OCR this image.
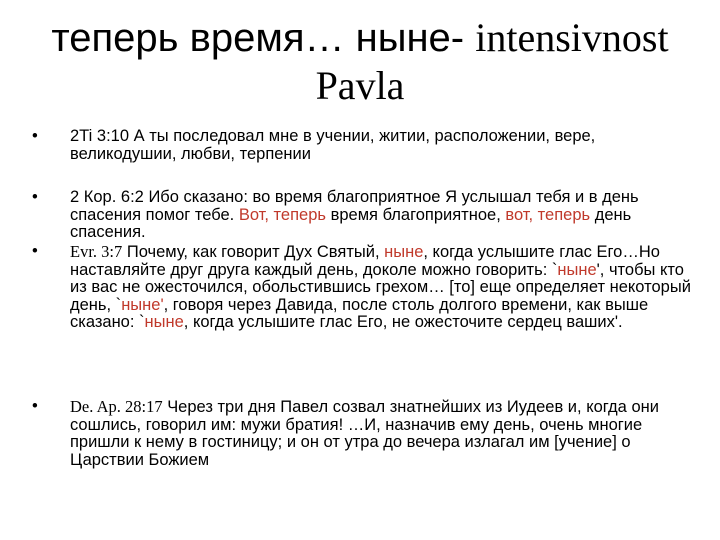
теперь время… ныне- intensivnost Pavla
•	2Ti 3:10 А ты последовал мне в учении, житии, расположении, вере, великодушии, любви, терпении
•	2 Кор. 6:2 Ибо сказано: во время благоприятное Я услышал тебя и в день спасения помог тебе. Вот, теперь время благоприятное, вот, теперь день спасения.
•	Evr. 3:7 Почему, как говорит Дух Святый, ныне, когда услышите глас Его…Но наставляйте друг друга каждый день, доколе можно говорить: `ныне', чтобы кто из вас не ожесточился, обольстившись грехом… [то] еще определяет некоторый день, `ныне', говоря через Давида, после столь долгого времени, как выше сказано: `ныне, когда услышите глас Его, не ожесточите сердец ваших'.
•	De. Ap. 28:17 Через три дня Павел созвал знатнейших из Иудеев и, когда они сошлись, говорил им: мужи братия! …И, назначив ему день, очень многие пришли к нему в гостиницу; и он от утра до вечера излагал им [учение] о Царствии Божием
